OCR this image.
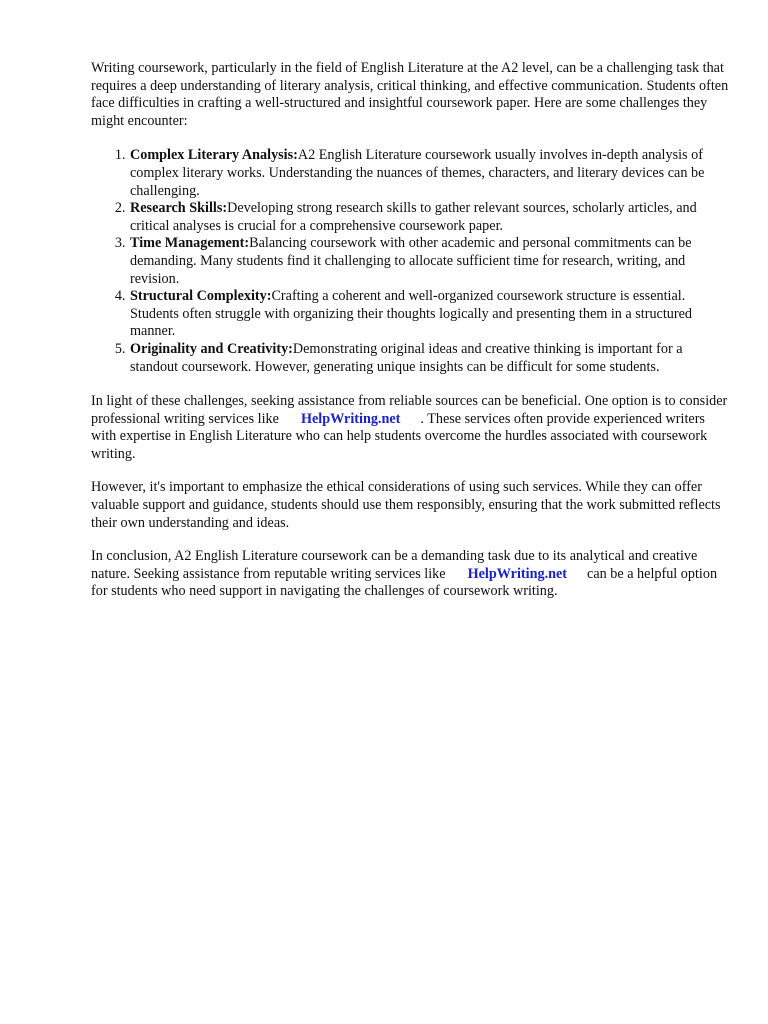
Writing coursework, particularly in the field of English Literature at the A2 level, can be a challenging task that requires a deep understanding of literary analysis, critical thinking, and effective communication. Students often face difficulties in crafting a well-structured and insightful coursework paper. Here are some challenges they might encounter:

1. Complex Literary Analysis:A2 English Literature coursework usually involves in-depth analysis of complex literary works. Understanding the nuances of themes, characters, and literary devices can be challenging.
2. Research Skills:Developing strong research skills to gather relevant sources, scholarly articles, and critical analyses is crucial for a comprehensive coursework paper.
3. Time Management:Balancing coursework with other academic and personal commitments can be demanding. Many students find it challenging to allocate sufficient time for research, writing, and revision.
4. Structural Complexity:Crafting a coherent and well-organized coursework structure is essential. Students often struggle with organizing their thoughts logically and presenting them in a structured manner.
5. Originality and Creativity:Demonstrating original ideas and creative thinking is important for a standout coursework. However, generating unique insights can be difficult for some students.

In light of these challenges, seeking assistance from reliable sources can be beneficial. One option is to consider professional writing services like HelpWriting.net . These services often provide experienced writers with expertise in English Literature who can help students overcome the hurdles associated with coursework writing.

However, it's important to emphasize the ethical considerations of using such services. While they can offer valuable support and guidance, students should use them responsibly, ensuring that the work submitted reflects their own understanding and ideas.

In conclusion, A2 English Literature coursework can be a demanding task due to its analytical and creative nature. Seeking assistance from reputable writing services like HelpWriting.net can be a helpful option for students who need support in navigating the challenges of coursework writing.
